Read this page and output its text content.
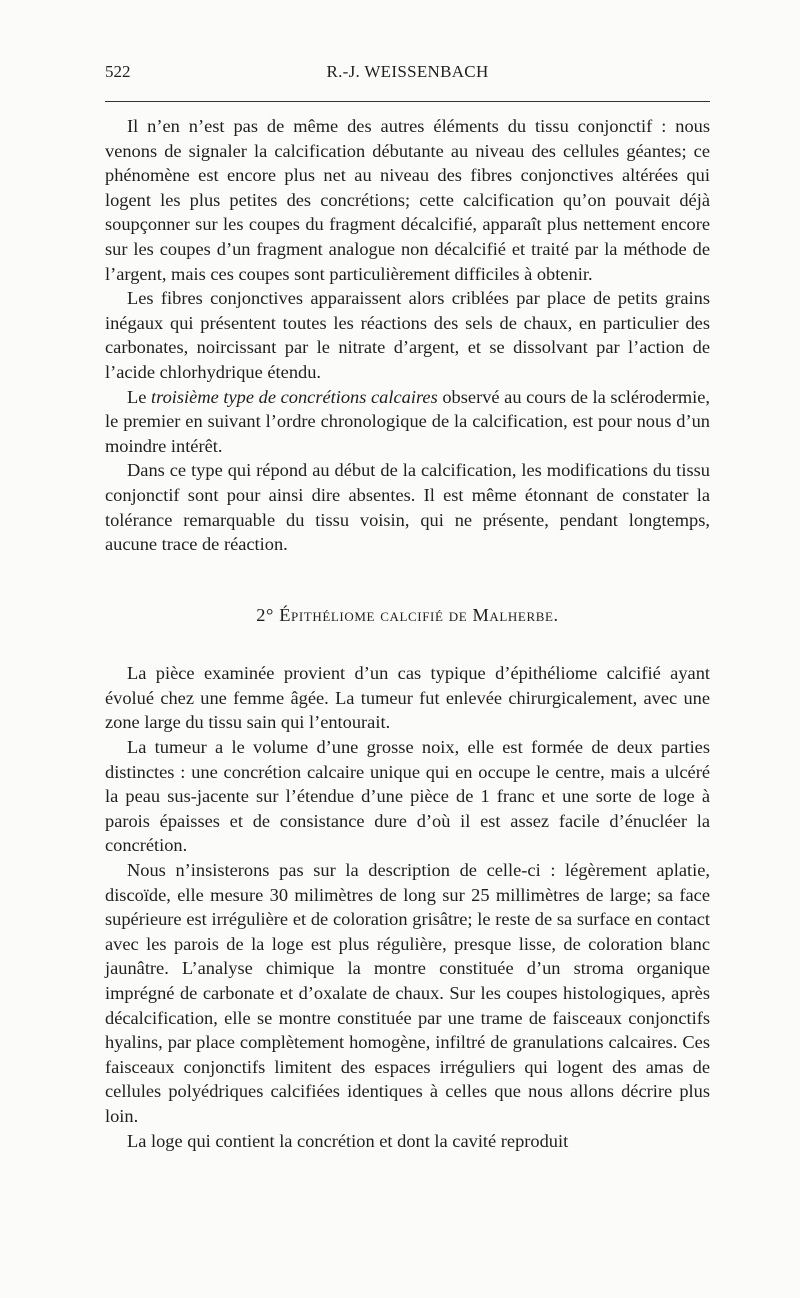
522	R.-J. WEISSENBACH

Il n’en n’est pas de même des autres éléments du tissu conjonctif : nous venons de signaler la calcification débutante au niveau des cellules géantes; ce phénomène est encore plus net au niveau des fibres conjonctives altérées qui logent les plus petites des concrétions; cette calcification qu’on pouvait déjà soupçonner sur les coupes du fragment décalcifié, apparaît plus nettement encore sur les coupes d’un fragment analogue non décalcifié et traité par la méthode de l’argent, mais ces coupes sont particulièrement difficiles à obtenir.

Les fibres conjonctives apparaissent alors criblées par place de petits grains inégaux qui présentent toutes les réactions des sels de chaux, en particulier des carbonates, noircissant par le nitrate d’argent, et se dissolvant par l’action de l’acide chlorhydrique étendu.

Le troisième type de concrétions calcaires observé au cours de la sclérodermie, le premier en suivant l’ordre chronologique de la calcification, est pour nous d’un moindre intérêt.

Dans ce type qui répond au début de la calcification, les modifications du tissu conjonctif sont pour ainsi dire absentes. Il est même étonnant de constater la tolérance remarquable du tissu voisin, qui ne présente, pendant longtemps, aucune trace de réaction.

2° Épithéliome calcifié de Malherbe.

La pièce examinée provient d’un cas typique d’épithéliome calcifié ayant évolué chez une femme âgée. La tumeur fut enlevée chirurgicalement, avec une zone large du tissu sain qui l’entourait.

La tumeur a le volume d’une grosse noix, elle est formée de deux parties distinctes : une concrétion calcaire unique qui en occupe le centre, mais a ulcéré la peau sus-jacente sur l’étendue d’une pièce de 1 franc et une sorte de loge à parois épaisses et de consistance dure d’où il est assez facile d’énucléer la concrétion.

Nous n’insisterons pas sur la description de celle-ci : légèrement aplatie, discoïde, elle mesure 30 milimètres de long sur 25 millimètres de large; sa face supérieure est irrégulière et de coloration grisâtre; le reste de sa surface en contact avec les parois de la loge est plus régulière, presque lisse, de coloration blanc jaunâtre. L’analyse chimique la montre constituée d’un stroma organique imprégné de carbonate et d’oxalate de chaux. Sur les coupes histologiques, après décalcification, elle se montre constituée par une trame de faisceaux conjonctifs hyalins, par place complètement homogène, infiltré de granulations calcaires. Ces faisceaux conjonctifs limitent des espaces irréguliers qui logent des amas de cellules polyédriques calcifiées identiques à celles que nous allons décrire plus loin.

La loge qui contient la concrétion et dont la cavité reproduit
